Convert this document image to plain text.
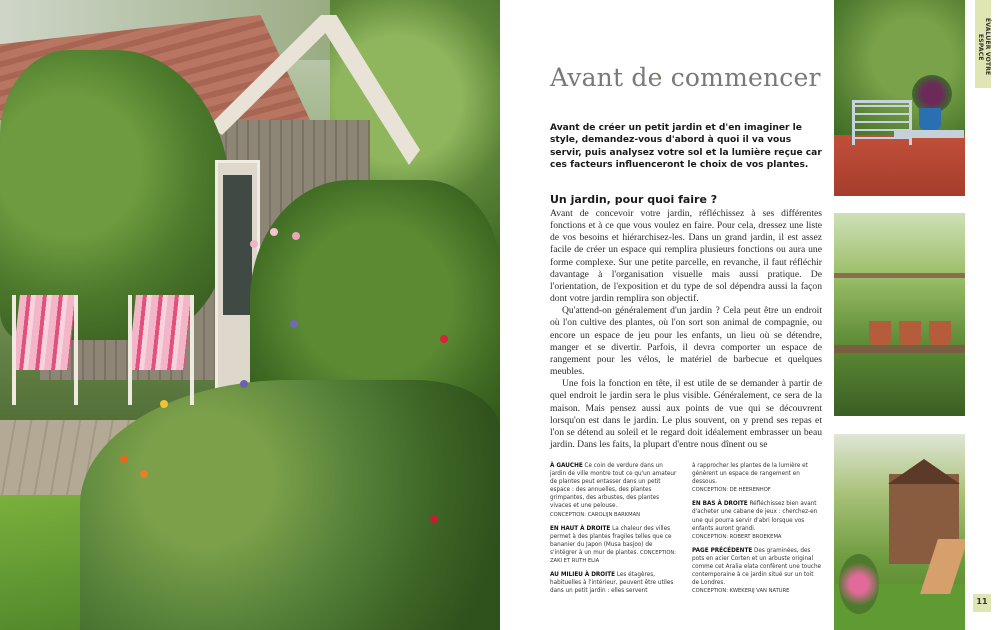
Avant de commencer

Avant de créer un petit jardin et d'en imaginer le style, demandez-vous d'abord à quoi il va vous servir, puis analysez votre sol et la lumière reçue car ces facteurs influenceront le choix de vos plantes.

Un jardin, pour quoi faire ?

Avant de concevoir votre jardin, réfléchissez à ses différentes fonctions et à ce que vous voulez en faire. Pour cela, dressez une liste de vos besoins et hiérarchisez-les. Dans un grand jardin, il est assez facile de créer un espace qui remplira plusieurs fonctions ou aura une forme complexe. Sur une petite parcelle, en revanche, il faut réfléchir davantage à l'organisation visuelle mais aussi pratique. De l'orientation, de l'exposition et du type de sol dépendra aussi la façon dont votre jardin remplira son objectif.

Qu'attend-on généralement d'un jardin ? Cela peut être un endroit où l'on cultive des plantes, où l'on sort son animal de compagnie, ou encore un espace de jeu pour les enfants, un lieu où se détendre, manger et se divertir. Parfois, il devra comporter un espace de rangement pour les vélos, le matériel de barbecue et quelques meubles.

Une fois la fonction en tête, il est utile de se demander à partir de quel endroit le jardin sera le plus visible. Généralement, ce sera de la maison. Mais pensez aussi aux points de vue qui se découvrent lorsqu'on est dans le jardin. Le plus souvent, on y prend ses repas et l'on se détend au soleil et le regard doit idéalement embrasser un beau jardin. Dans les faits, la plupart d'entre nous dînent ou se

À GAUCHE Ce coin de verdure dans un jardin de ville montre tout ce qu'un amateur de plantes peut entasser dans un petit espace : des annuelles, des plantes grimpantes, des arbustes, des plantes vivaces et une pelouse.
CONCEPTION: CAROLIJN BARKMAN
EN HAUT À DROITE La chaleur des villes permet à des plantes fragiles telles que ce bananier du Japon (Musa basjoo) de s'intégrer à un mur de plantes. CONCEPTION: ZAKI ET RUTH ELIA
AU MILIEU À DROITE Les étagères, habituelles à l'intérieur, peuvent être utiles dans un petit jardin : elles servent
à rapprocher les plantes de la lumière et génèrent un espace de rangement en dessous.
CONCEPTION: DE HEERENHOF
EN BAS À DROITE Réfléchissez bien avant d'acheter une cabane de jeux : cherchez-en une qui pourra servir d'abri lorsque vos enfants auront grandi.
CONCEPTION: ROBERT BROEKEMA
PAGE PRÉCÉDENTE Des graminées, des pots en acier Corten et un arbuste original comme cet Aralia elata confèrent une touche contemporaine à ce jardin situé sur un toit de Londres.
CONCEPTION: KWEKERIJ VAN NATURE
ÉVALUER VOTRE ESPACE
11
